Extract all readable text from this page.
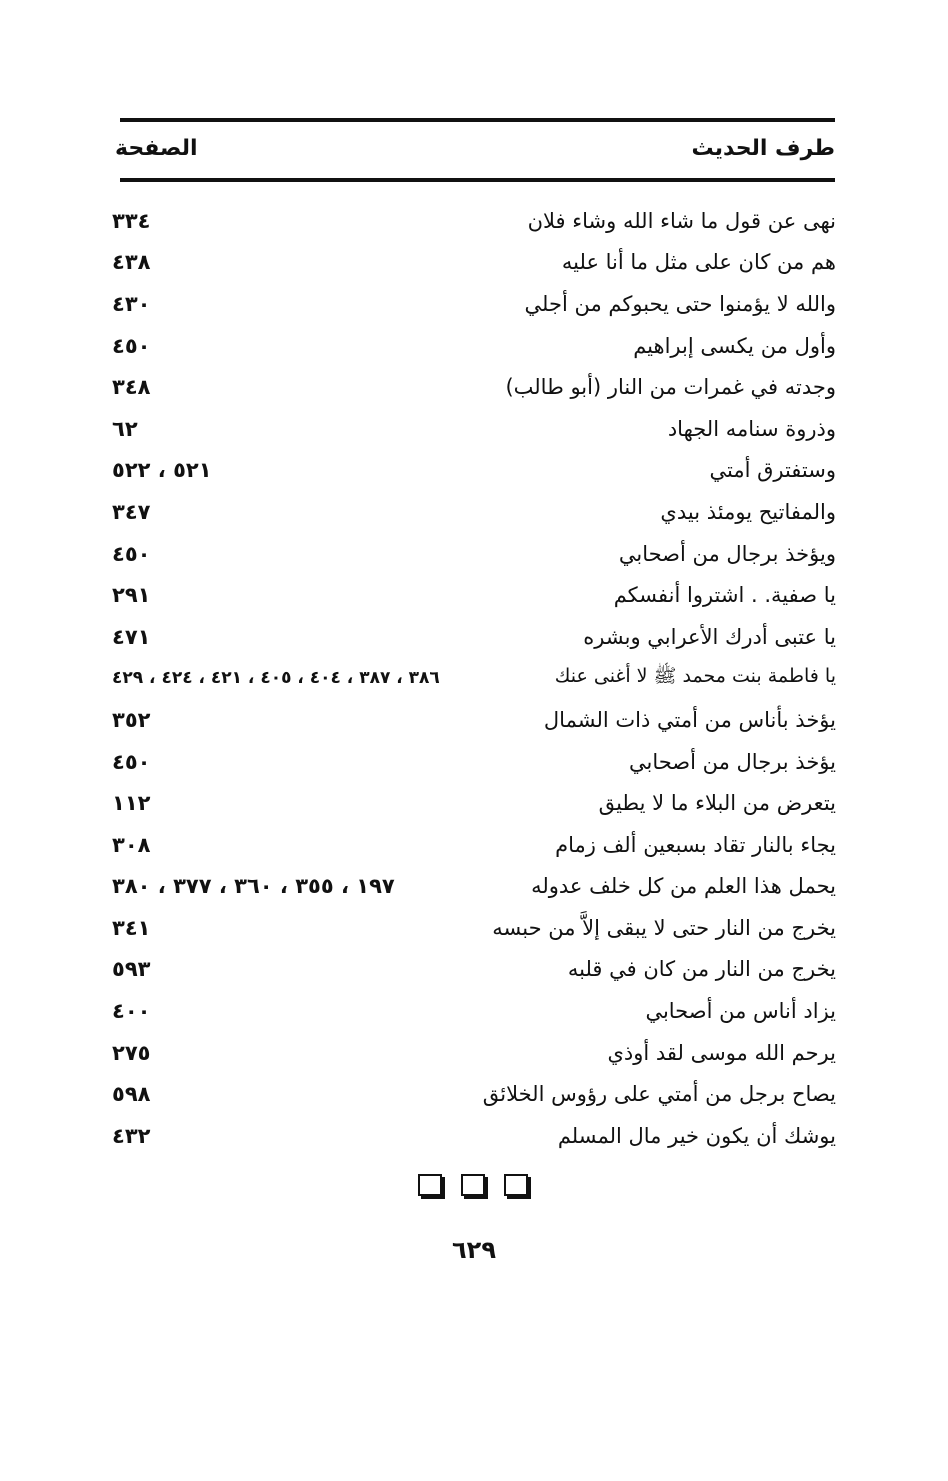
طرف الحديث
الصفحة
نهى عن قول ما شاء الله وشاء فلان
٣٣٤
هم من كان على مثل ما أنا عليه
٤٣٨
والله لا يؤمنوا حتى يحبوكم من أجلي
٤٣٠
وأول من يكسى إبراهيم
٤٥٠
وجدته في غمرات من النار (أبو طالب)
٣٤٨
وذروة سنامه الجهاد
٦٢
وستفترق أمتي
٥٢١ ، ٥٢٢
والمفاتيح يومئذ بيدي
٣٤٧
ويؤخذ برجال من أصحابي
٤٥٠
يا صفية. . اشتروا أنفسكم
٢٩١
يا عتبى أدرك الأعرابي وبشره
٤٧١
يا فاطمة بنت محمد ﷺ لا أغنى عنك
٣٨٦ ، ٣٨٧ ، ٤٠٤ ، ٤٠٥ ، ٤٢١ ، ٤٢٤ ، ٤٢٩
يؤخذ بأناس من أمتي ذات الشمال
٣٥٢
يؤخذ برجال من أصحابي
٤٥٠
يتعرض من البلاء ما لا يطيق
١١٢
يجاء بالنار تقاد بسبعين ألف زمام
٣٠٨
يحمل هذا العلم من كل خلف عدوله
١٩٧ ، ٣٥٥ ، ٣٦٠ ، ٣٧٧ ، ٣٨٠
يخرج من النار حتى لا يبقى إلاَّ من حبسه
٣٤١
يخرج من النار من كان في قلبه
٥٩٣
يزاد أناس من أصحابي
٤٠٠
يرحم الله موسى لقد أوذي
٢٧٥
يصاح برجل من أمتي على رؤوس الخلائق
٥٩٨
يوشك أن يكون خير مال المسلم
٤٣٢
٦٢٩
